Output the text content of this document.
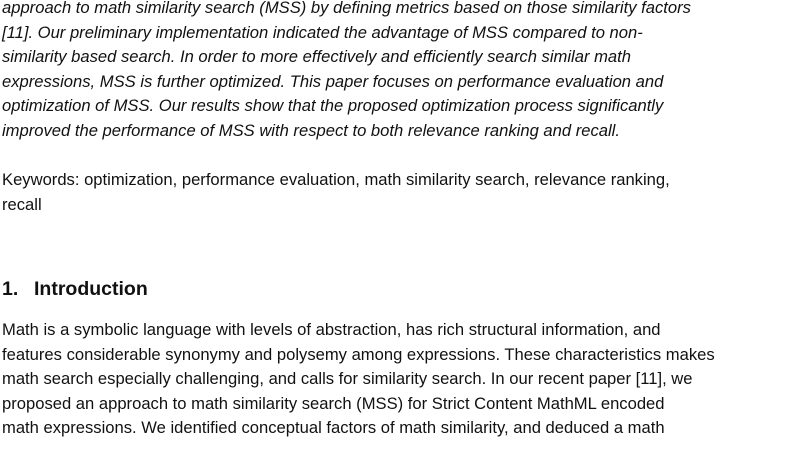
approach to math similarity search (MSS) by defining metrics based on those similarity factors
[11]. Our preliminary implementation indicated the advantage of MSS compared to non-
similarity based search. In order to more effectively and efficiently search similar math
expressions, MSS is further optimized. This paper focuses on performance evaluation and
optimization of MSS. Our results show that the proposed optimization process significantly
improved the performance of MSS with respect to both relevance ranking and recall.

Keywords: optimization, performance evaluation, math similarity search, relevance ranking,
recall

1. Introduction

Math is a symbolic language with levels of abstraction, has rich structural information, and
features considerable synonymy and polysemy among expressions. These characteristics makes
math search especially challenging, and calls for similarity search. In our recent paper [11], we
proposed an approach to math similarity search (MSS) for Strict Content MathML encoded
math expressions. We identified conceptual factors of math similarity, and deduced a math
